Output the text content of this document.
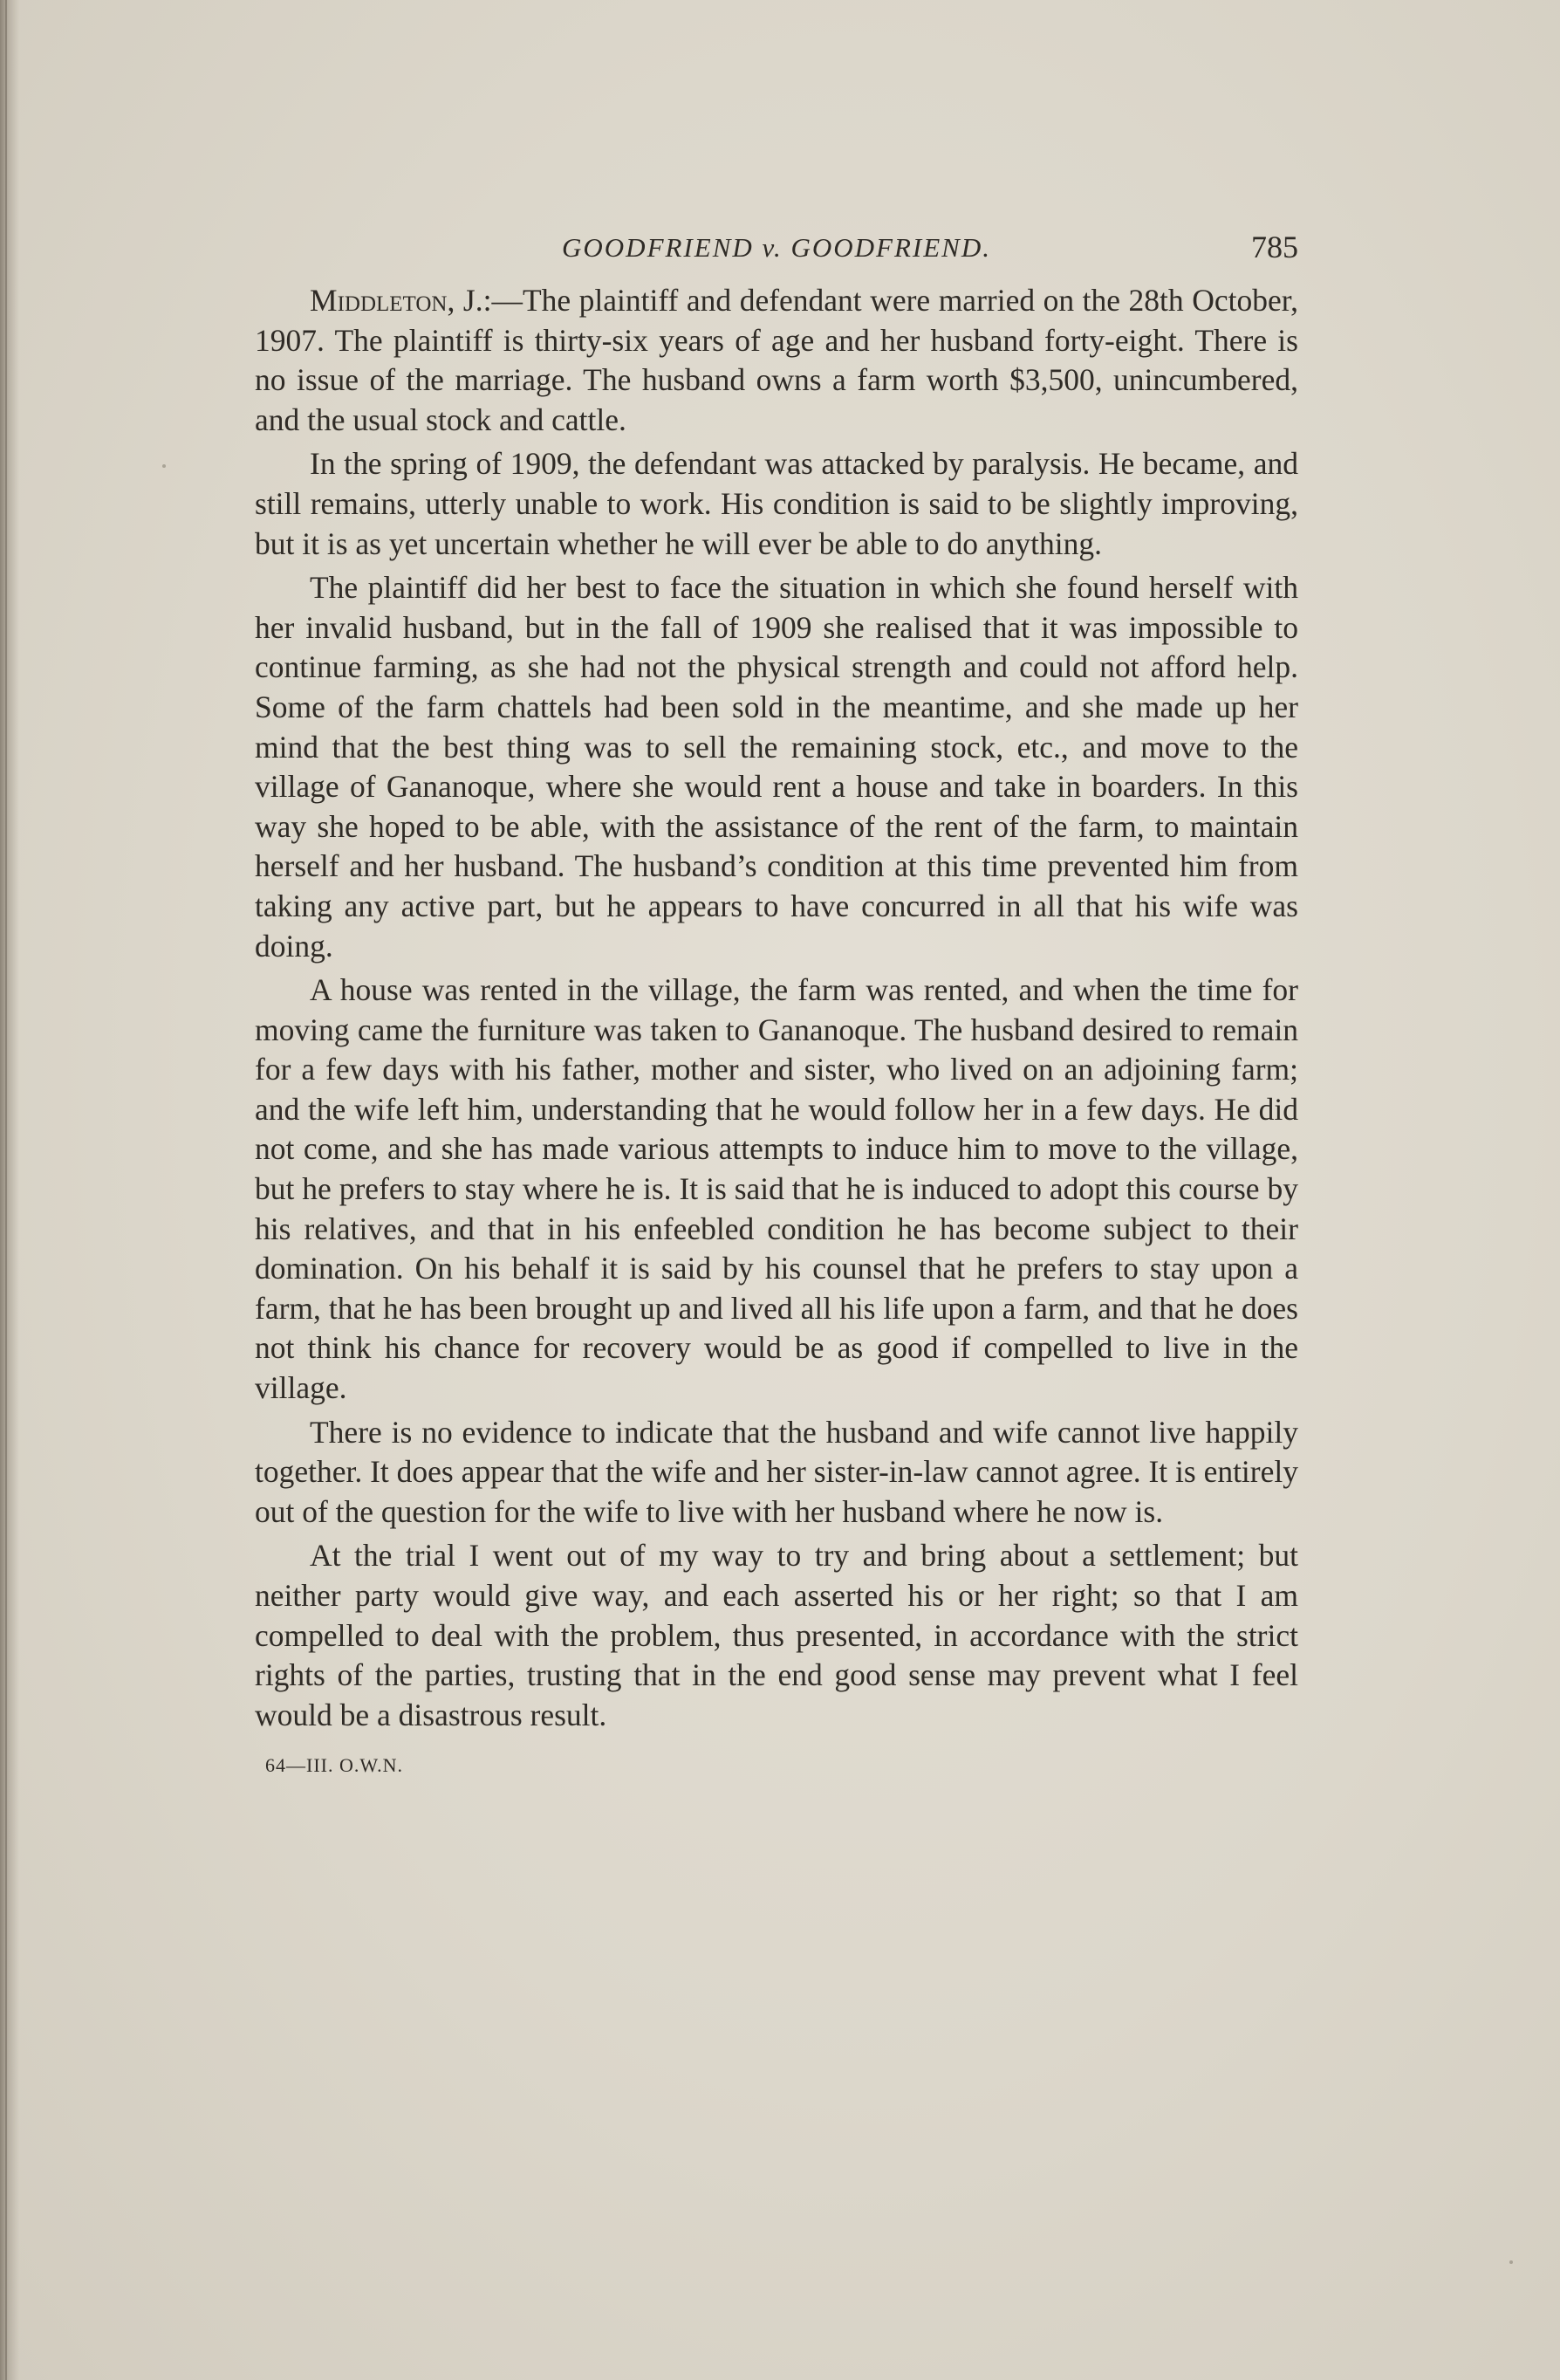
GOODFRIEND v. GOODFRIEND.	785

Middleton, J.:—The plaintiff and defendant were married on the 28th October, 1907. The plaintiff is thirty-six years of age and her husband forty-eight. There is no issue of the marriage. The husband owns a farm worth $3,500, unincumbered, and the usual stock and cattle.

In the spring of 1909, the defendant was attacked by paralysis. He became, and still remains, utterly unable to work. His condition is said to be slightly improving, but it is as yet uncertain whether he will ever be able to do anything.

The plaintiff did her best to face the situation in which she found herself with her invalid husband, but in the fall of 1909 she realised that it was impossible to continue farming, as she had not the physical strength and could not afford help. Some of the farm chattels had been sold in the meantime, and she made up her mind that the best thing was to sell the remaining stock, etc., and move to the village of Gananoque, where she would rent a house and take in boarders. In this way she hoped to be able, with the assistance of the rent of the farm, to maintain herself and her husband. The husband’s condition at this time prevented him from taking any active part, but he appears to have concurred in all that his wife was doing.

A house was rented in the village, the farm was rented, and when the time for moving came the furniture was taken to Gananoque. The husband desired to remain for a few days with his father, mother and sister, who lived on an adjoining farm; and the wife left him, understanding that he would follow her in a few days. He did not come, and she has made various attempts to induce him to move to the village, but he prefers to stay where he is. It is said that he is induced to adopt this course by his relatives, and that in his enfeebled condition he has become subject to their domination. On his behalf it is said by his counsel that he prefers to stay upon a farm, that he has been brought up and lived all his life upon a farm, and that he does not think his chance for recovery would be as good if compelled to live in the village.

There is no evidence to indicate that the husband and wife cannot live happily together. It does appear that the wife and her sister-in-law cannot agree. It is entirely out of the question for the wife to live with her husband where he now is.

At the trial I went out of my way to try and bring about a settlement; but neither party would give way, and each asserted his or her right; so that I am compelled to deal with the problem, thus presented, in accordance with the strict rights of the parties, trusting that in the end good sense may prevent what I feel would be a disastrous result.

64—III. O.W.N.
